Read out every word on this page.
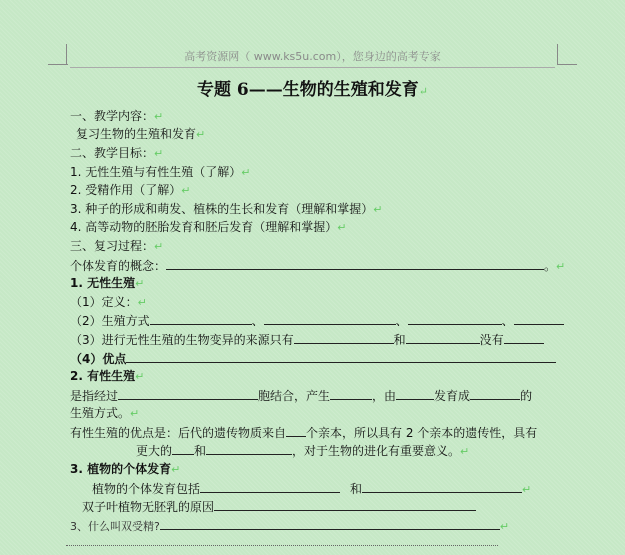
高考资源网（ www.ks5u.com），您身边的高考专家
专题 6——生物的生殖和发育↵
一、教学内容：↵
复习生物的生殖和发育↵
二、教学目标：↵
1. 无性生殖与有性生殖（了解）↵
2. 受精作用（了解）↵
3. 种子的形成和萌发、植株的生长和发育（理解和掌握）↵
4. 高等动物的胚胎发育和胚后发育（理解和掌握）↵
三、复习过程：↵
个体发育的概念：	。↵
1. 无性生殖↵
（1）定义：↵
（2）生殖方式	、	、	、
（3）进行无性生殖的生物变异的来源只有	和	没有
（4）优点
2. 有性生殖↵
是指经过	胞结合，产生	，由	发育成	的
生殖方式。↵
有性生殖的优点是：后代的遗传物质来自 个亲本，所以具有 2 个亲本的遗传性，具有
更大的 和	，对于生物的进化有重要意义。↵
3. 植物的个体发育↵
植物的个体发育包括	和	↵
双子叶植物无胚乳的原因
3、什么叫双受精?	↵
